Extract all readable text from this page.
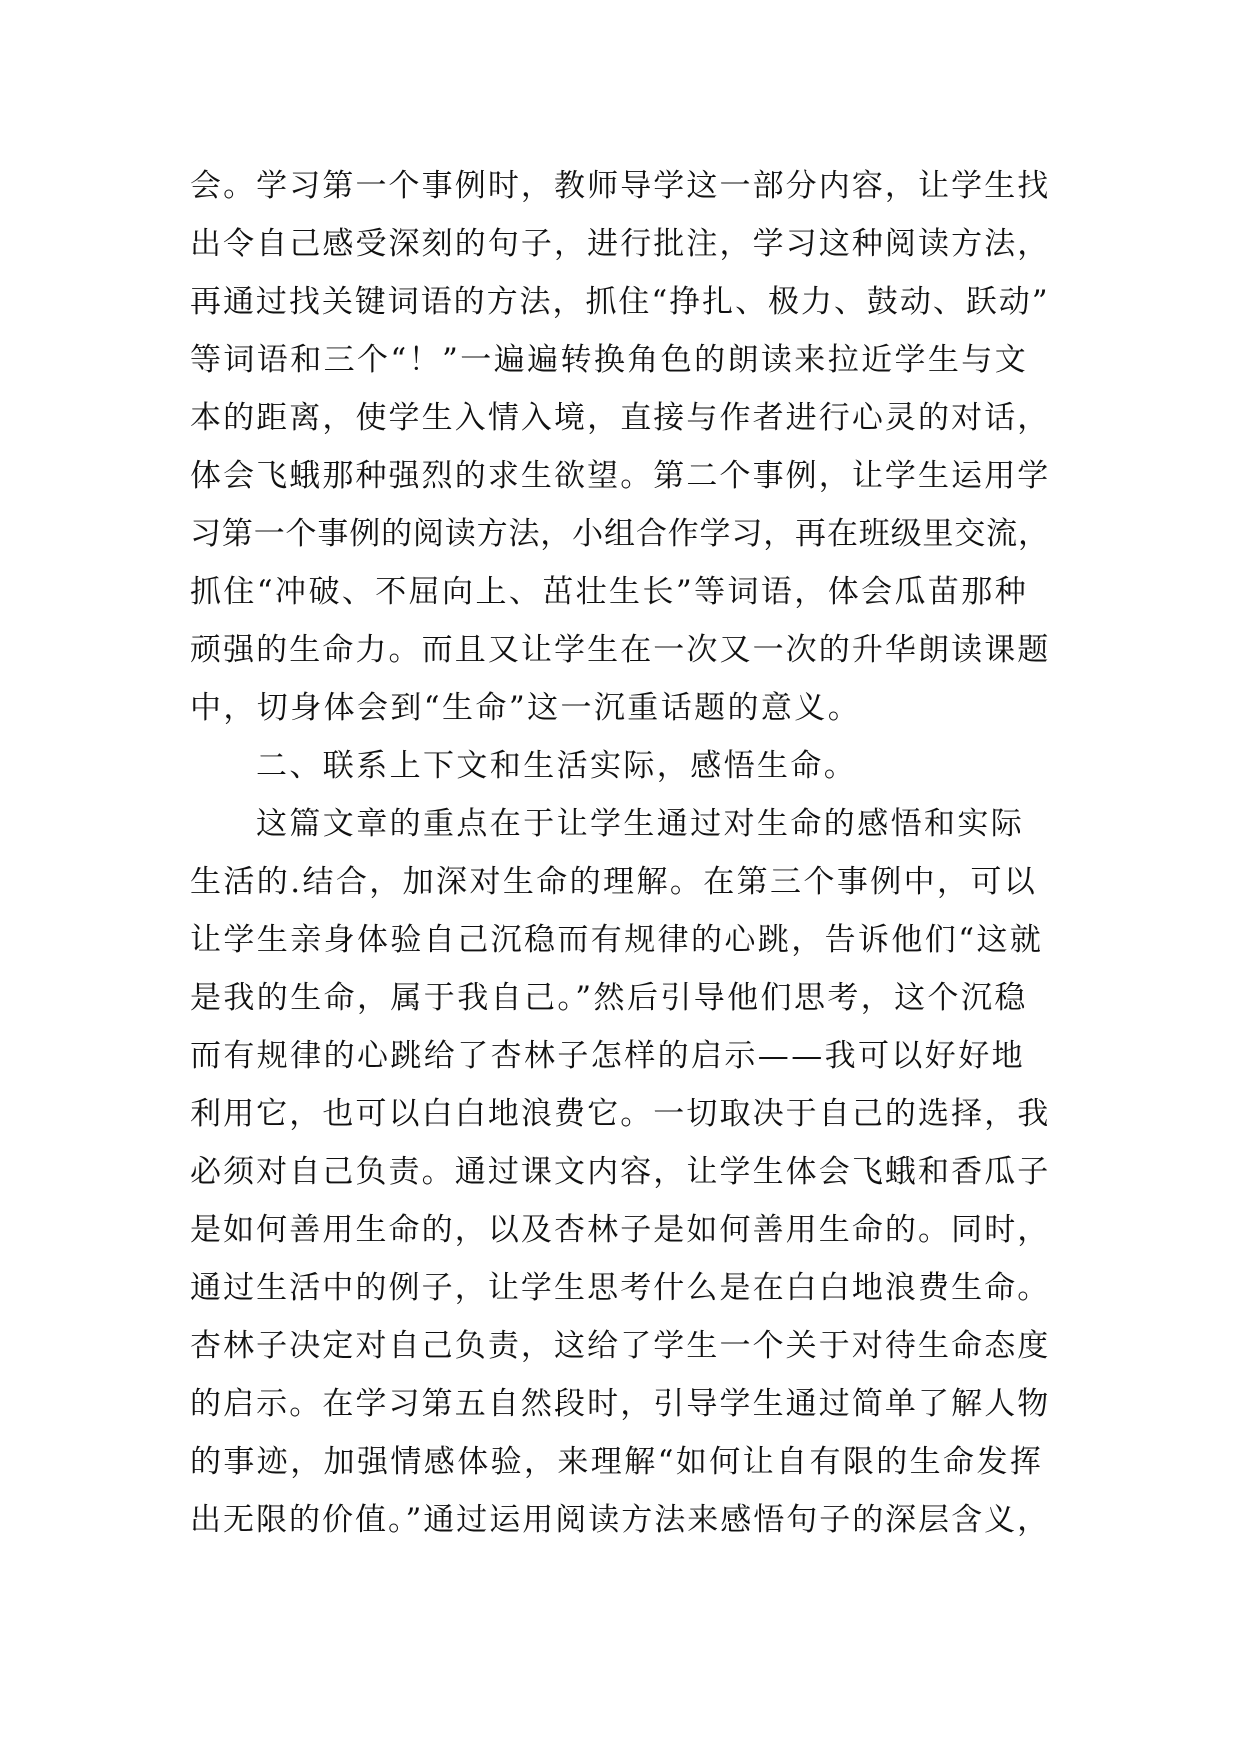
会。学习第一个事例时，教师导学这一部分内容，让学生找
出令自己感受深刻的句子，进行批注，学习这种阅读方法，
再通过找关键词语的方法，抓住“挣扎、极力、鼓动、跃动”
等词语和三个“！”一遍遍转换角色的朗读来拉近学生与文
本的距离，使学生入情入境，直接与作者进行心灵的对话，
体会飞蛾那种强烈的求生欲望。第二个事例，让学生运用学
习第一个事例的阅读方法，小组合作学习，再在班级里交流，
抓住“冲破、不屈向上、茁壮生长”等词语，体会瓜苗那种
顽强的生命力。而且又让学生在一次又一次的升华朗读课题
中，切身体会到“生命”这一沉重话题的意义。
二、联系上下文和生活实际，感悟生命。
这篇文章的重点在于让学生通过对生命的感悟和实际
生活的.结合，加深对生命的理解。在第三个事例中，可以
让学生亲身体验自己沉稳而有规律的心跳，告诉他们“这就
是我的生命，属于我自己。”然后引导他们思考，这个沉稳
而有规律的心跳给了杏林子怎样的启示——我可以好好地
利用它，也可以白白地浪费它。一切取决于自己的选择，我
必须对自己负责。通过课文内容，让学生体会飞蛾和香瓜子
是如何善用生命的，以及杏林子是如何善用生命的。同时，
通过生活中的例子，让学生思考什么是在白白地浪费生命。
杏林子决定对自己负责，这给了学生一个关于对待生命态度
的启示。在学习第五自然段时，引导学生通过简单了解人物
的事迹，加强情感体验，来理解“如何让自有限的生命发挥
出无限的价值。”通过运用阅读方法来感悟句子的深层含义，
